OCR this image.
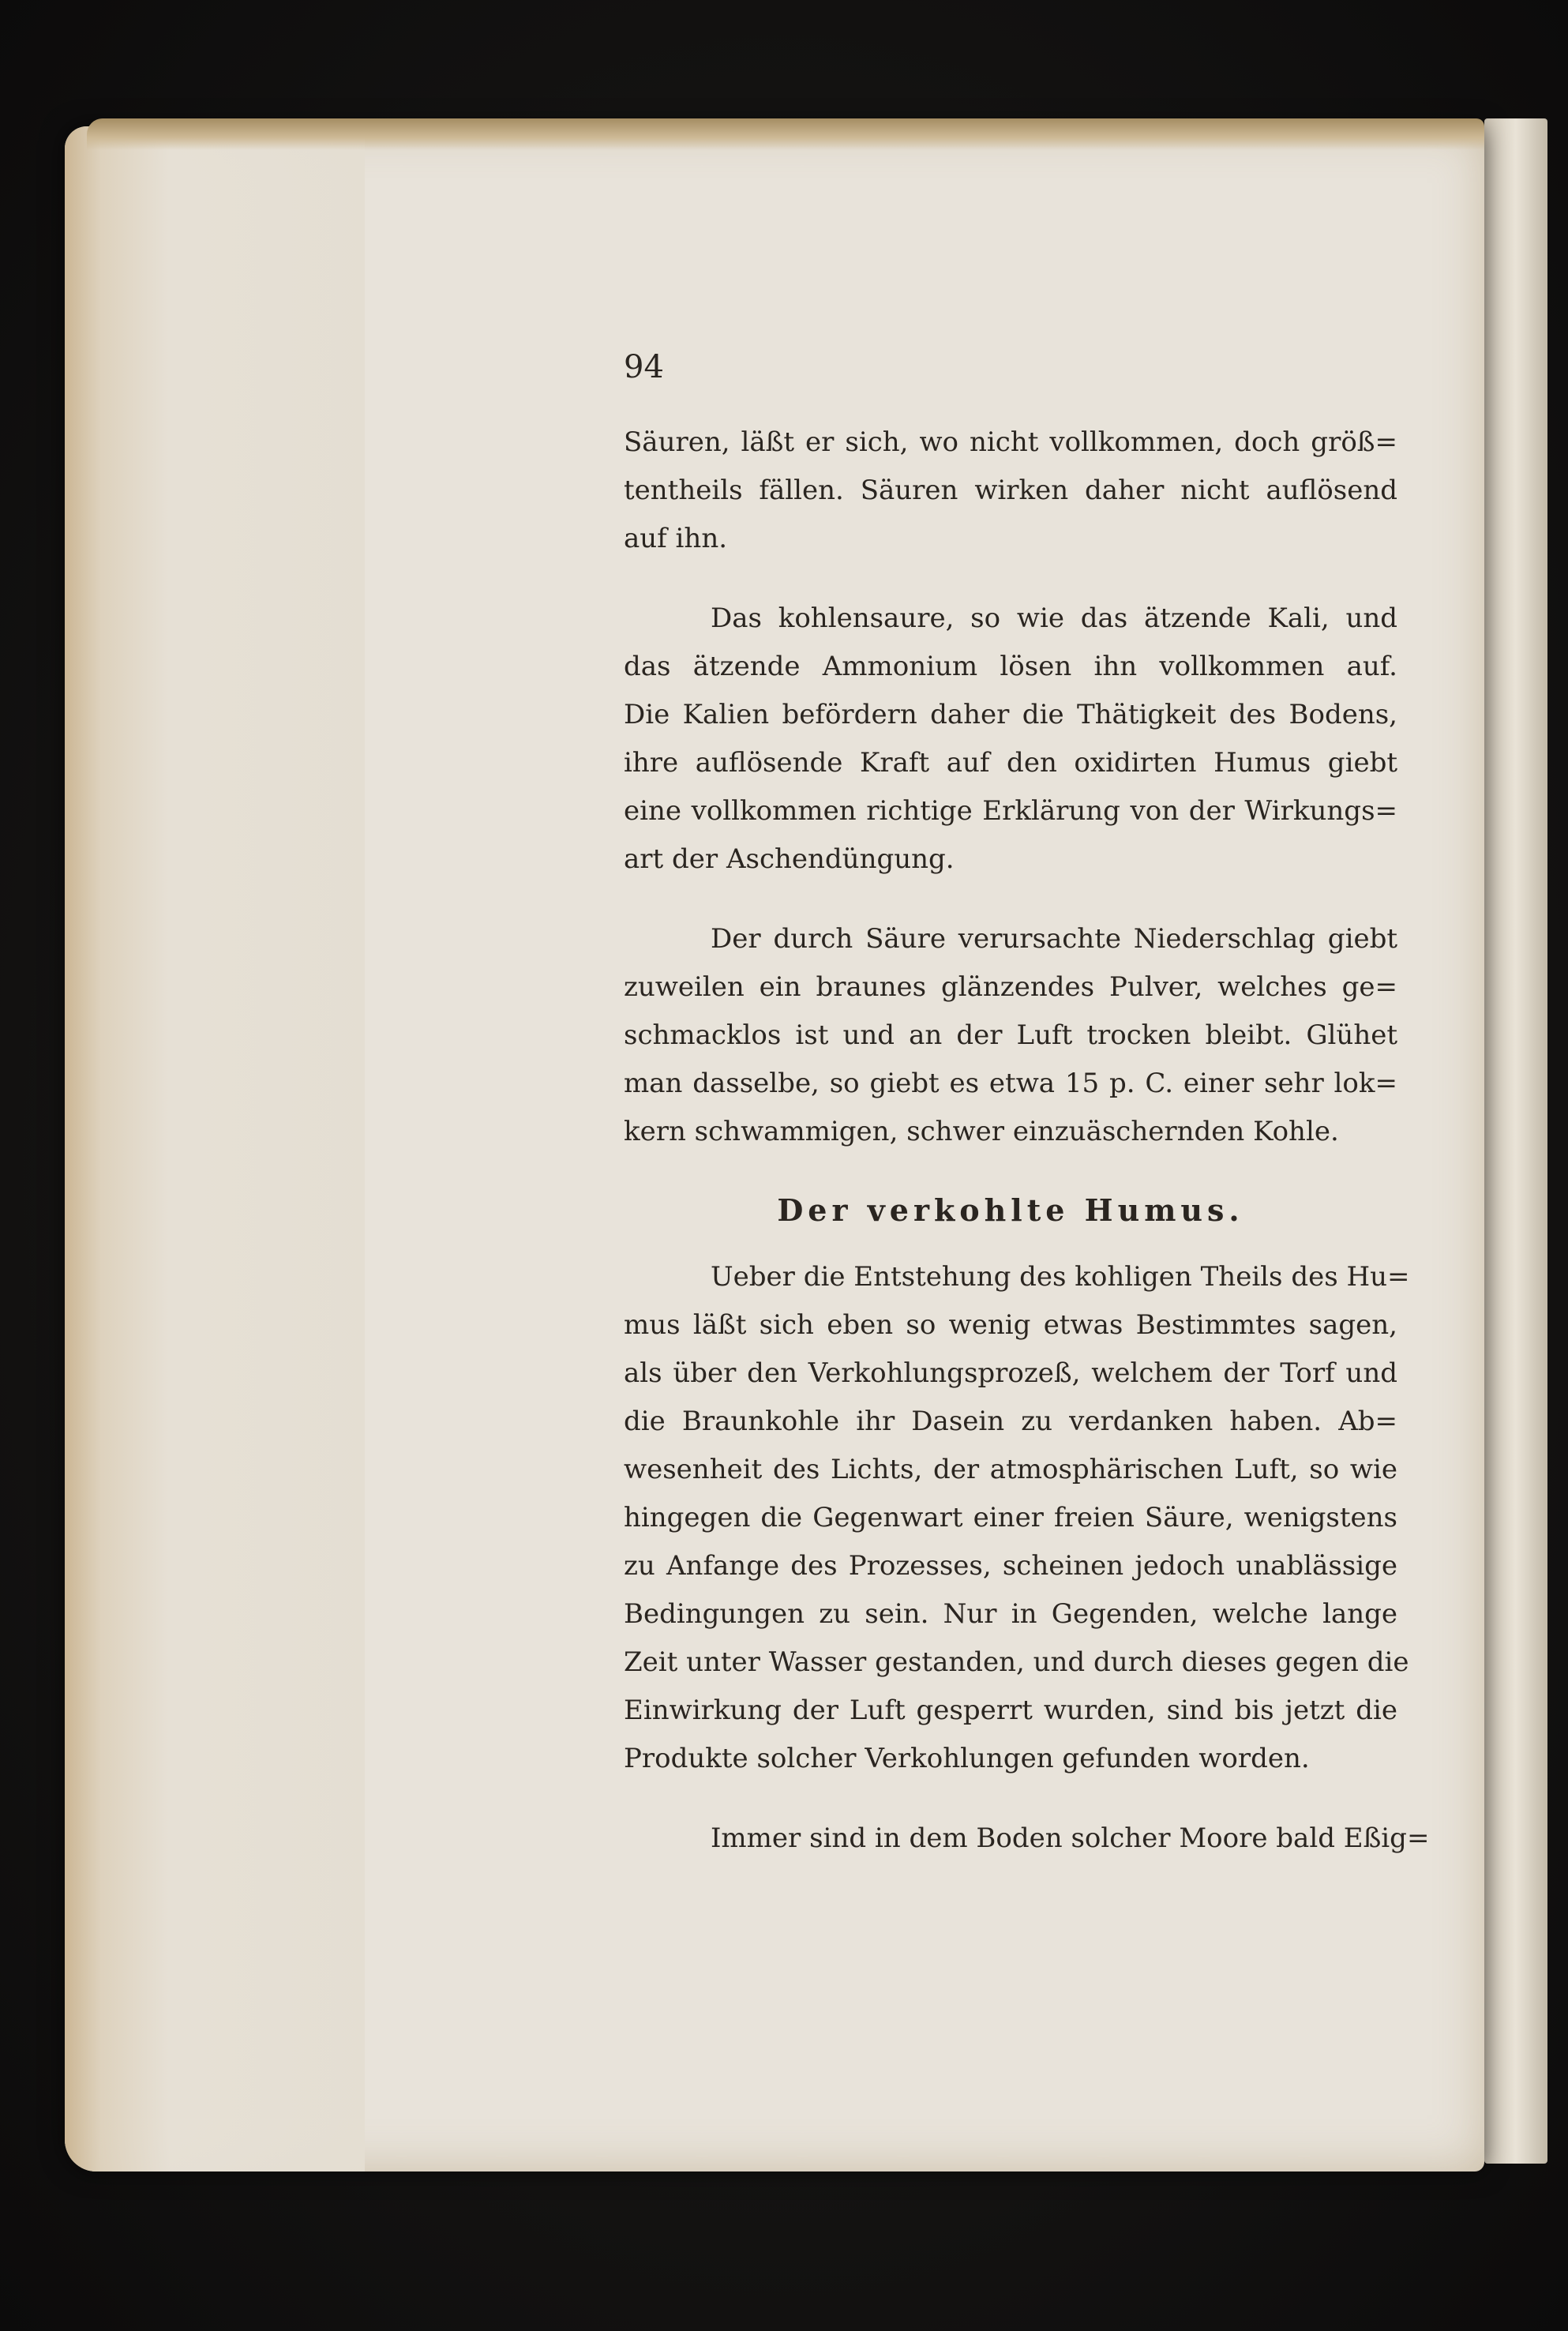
94
Säuren, läßt er sich, wo nicht vollkommen, doch größ=
tentheils fällen. Säuren wirken daher nicht auflösend
auf ihn.
Das kohlensaure, so wie das ätzende Kali, und
das ätzende Ammonium lösen ihn vollkommen auf.
Die Kalien befördern daher die Thätigkeit des Bodens,
ihre auflösende Kraft auf den oxidirten Humus giebt
eine vollkommen richtige Erklärung von der Wirkungs=
art der Aschendüngung.
Der durch Säure verursachte Niederschlag giebt
zuweilen ein braunes glänzendes Pulver, welches ge=
schmacklos ist und an der Luft trocken bleibt. Glühet
man dasselbe, so giebt es etwa 15 p. C. einer sehr lok=
kern schwammigen, schwer einzuäschernden Kohle.
Der verkohlte Humus.
Ueber die Entstehung des kohligen Theils des Hu=
mus läßt sich eben so wenig etwas Bestimmtes sagen,
als über den Verkohlungsprozeß, welchem der Torf und
die Braunkohle ihr Dasein zu verdanken haben. Ab=
wesenheit des Lichts, der atmosphärischen Luft, so wie
hingegen die Gegenwart einer freien Säure, wenigstens
zu Anfange des Prozesses, scheinen jedoch unablässige
Bedingungen zu sein. Nur in Gegenden, welche lange
Zeit unter Wasser gestanden, und durch dieses gegen die
Einwirkung der Luft gesperrt wurden, sind bis jetzt die
Produkte solcher Verkohlungen gefunden worden.
Immer sind in dem Boden solcher Moore bald Eßig=
